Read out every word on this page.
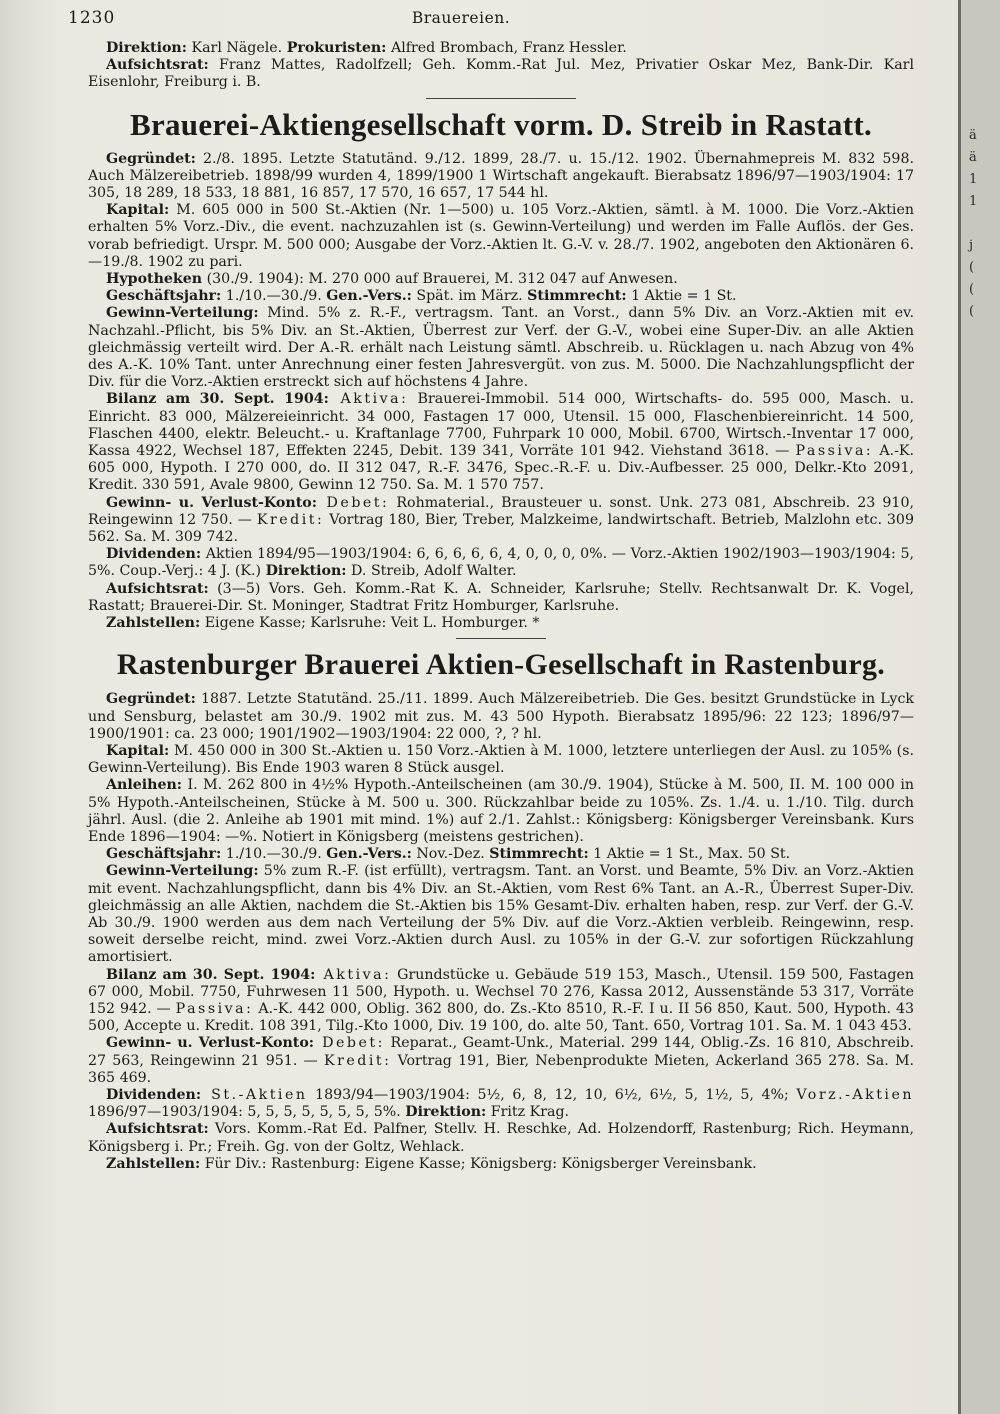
1230	Brauereien.

Direktion: Karl Nägele. Prokuristen: Alfred Brombach, Franz Hessler.

Aufsichtsrat: Franz Mattes, Radolfzell; Geh. Komm.-Rat Jul. Mez, Privatier Oskar Mez, Bank-Dir. Karl Eisenlohr, Freiburg i. B.

Brauerei-Aktiengesellschaft vorm. D. Streib in Rastatt.

Gegründet: 2./8. 1895. Letzte Statutänd. 9./12. 1899, 28./7. u. 15./12. 1902. Übernahmepreis M. 832 598. Auch Mälzereibetrieb. 1898/99 wurden 4, 1899/1900 1 Wirtschaft angekauft. Bierabsatz 1896/97—1903/1904: 17 305, 18 289, 18 533, 18 881, 16 857, 17 570, 16 657, 17 544 hl.

Kapital: M. 605 000 in 500 St.-Aktien (Nr. 1—500) u. 105 Vorz.-Aktien, sämtl. à M. 1000. Die Vorz.-Aktien erhalten 5% Vorz.-Div., die event. nachzuzahlen ist (s. Gewinn-Verteilung) und werden im Falle Auflös. der Ges. vorab befriedigt. Urspr. M. 500 000; Ausgabe der Vorz.-Aktien lt. G.-V. v. 28./7. 1902, angeboten den Aktionären 6.—19./8. 1902 zu pari.

Hypotheken (30./9. 1904): M. 270 000 auf Brauerei, M. 312 047 auf Anwesen.

Geschäftsjahr: 1./10.—30./9. Gen.-Vers.: Spät. im März. Stimmrecht: 1 Aktie = 1 St.

Gewinn-Verteilung: Mind. 5% z. R.-F., vertragsm. Tant. an Vorst., dann 5% Div. an Vorz.-Aktien mit ev. Nachzahl.-Pflicht, bis 5% Div. an St.-Aktien, Überrest zur Verf. der G.-V., wobei eine Super-Div. an alle Aktien gleichmässig verteilt wird. Der A.-R. erhält nach Leistung sämtl. Abschreib. u. Rücklagen u. nach Abzug von 4% des A.-K. 10% Tant. unter Anrechnung einer festen Jahresvergüt. von zus. M. 5000. Die Nachzahlungspflicht der Div. für die Vorz.-Aktien erstreckt sich auf höchstens 4 Jahre.

Bilanz am 30. Sept. 1904: Aktiva: Brauerei-Immobil. 514 000, Wirtschafts- do. 595 000, Masch. u. Einricht. 83 000, Mälzereieinricht. 34 000, Fastagen 17 000, Utensil. 15 000, Flaschenbiereinricht. 14 500, Flaschen 4400, elektr. Beleucht.- u. Kraftanlage 7700, Fuhrpark 10 000, Mobil. 6700, Wirtsch.-Inventar 17 000, Kassa 4922, Wechsel 187, Effekten 2245, Debit. 139 341, Vorräte 101 942. Viehstand 3618. — Passiva: A.-K. 605 000, Hypoth. I 270 000, do. II 312 047, R.-F. 3476, Spec.-R.-F. u. Div.-Aufbesser. 25 000, Delkr.-Kto 2091, Kredit. 330 591, Avale 9800, Gewinn 12 750. Sa. M. 1 570 757.

Gewinn- u. Verlust-Konto: Debet: Rohmaterial., Brausteuer u. sonst. Unk. 273 081, Abschreib. 23 910, Reingewinn 12 750. — Kredit: Vortrag 180, Bier, Treber, Malzkeime, landwirtschaft. Betrieb, Malzlohn etc. 309 562. Sa. M. 309 742.

Dividenden: Aktien 1894/95—1903/1904: 6, 6, 6, 6, 6, 4, 0, 0, 0, 0%. — Vorz.-Aktien 1902/1903—1903/1904: 5, 5%. Coup.-Verj.: 4 J. (K.) Direktion: D. Streib, Adolf Walter.

Aufsichtsrat: (3—5) Vors. Geh. Komm.-Rat K. A. Schneider, Karlsruhe; Stellv. Rechtsanwalt Dr. K. Vogel, Rastatt; Brauerei-Dir. St. Moninger, Stadtrat Fritz Homburger, Karlsruhe.

Zahlstellen: Eigene Kasse; Karlsruhe: Veit L. Homburger. *

Rastenburger Brauerei Aktien-Gesellschaft in Rastenburg.

Gegründet: 1887. Letzte Statutänd. 25./11. 1899. Auch Mälzereibetrieb. Die Ges. besitzt Grundstücke in Lyck und Sensburg, belastet am 30./9. 1902 mit zus. M. 43 500 Hypoth. Bierabsatz 1895/96: 22 123; 1896/97—1900/1901: ca. 23 000; 1901/1902—1903/1904: 22 000, ?, ? hl.

Kapital: M. 450 000 in 300 St.-Aktien u. 150 Vorz.-Aktien à M. 1000, letztere unterliegen der Ausl. zu 105% (s. Gewinn-Verteilung). Bis Ende 1903 waren 8 Stück ausgel.

Anleihen: I. M. 262 800 in 4½% Hypoth.-Anteilscheinen (am 30./9. 1904), Stücke à M. 500, II. M. 100 000 in 5% Hypoth.-Anteilscheinen, Stücke à M. 500 u. 300. Rückzahlbar beide zu 105%. Zs. 1./4. u. 1./10. Tilg. durch jährl. Ausl. (die 2. Anleihe ab 1901 mit mind. 1%) auf 2./1. Zahlst.: Königsberg: Königsberger Vereinsbank. Kurs Ende 1896—1904: —%. Notiert in Königsberg (meistens gestrichen).

Geschäftsjahr: 1./10.—30./9. Gen.-Vers.: Nov.-Dez. Stimmrecht: 1 Aktie = 1 St., Max. 50 St.

Gewinn-Verteilung: 5% zum R.-F. (ist erfüllt), vertragsm. Tant. an Vorst. und Beamte, 5% Div. an Vorz.-Aktien mit event. Nachzahlungspflicht, dann bis 4% Div. an St.-Aktien, vom Rest 6% Tant. an A.-R., Überrest Super-Div. gleichmässig an alle Aktien, nachdem die St.-Aktien bis 15% Gesamt-Div. erhalten haben, resp. zur Verf. der G.-V. Ab 30./9. 1900 werden aus dem nach Verteilung der 5% Div. auf die Vorz.-Aktien verbleib. Reingewinn, resp. soweit derselbe reicht, mind. zwei Vorz.-Aktien durch Ausl. zu 105% in der G.-V. zur sofortigen Rückzahlung amortisiert.

Bilanz am 30. Sept. 1904: Aktiva: Grundstücke u. Gebäude 519 153, Masch., Utensil. 159 500, Fastagen 67 000, Mobil. 7750, Fuhrwesen 11 500, Hypoth. u. Wechsel 70 276, Kassa 2012, Aussenstände 53 317, Vorräte 152 942. — Passiva: A.-K. 442 000, Oblig. 362 800, do. Zs.-Kto 8510, R.-F. I u. II 56 850, Kaut. 500, Hypoth. 43 500, Accepte u. Kredit. 108 391, Tilg.-Kto 1000, Div. 19 100, do. alte 50, Tant. 650, Vortrag 101. Sa. M. 1 043 453.

Gewinn- u. Verlust-Konto: Debet: Reparat., Geamt-Unk., Material. 299 144, Oblig.-Zs. 16 810, Abschreib. 27 563, Reingewinn 21 951. — Kredit: Vortrag 191, Bier, Nebenprodukte Mieten, Ackerland 365 278. Sa. M. 365 469.

Dividenden: St.-Aktien 1893/94—1903/1904: 5½, 6, 8, 12, 10, 6½, 6½, 5, 1½, 5, 4%; Vorz.-Aktien 1896/97—1903/1904: 5, 5, 5, 5, 5, 5, 5, 5%. Direktion: Fritz Krag.

Aufsichtsrat: Vors. Komm.-Rat Ed. Palfner, Stellv. H. Reschke, Ad. Holzendorff, Rastenburg; Rich. Heymann, Königsberg i. Pr.; Freih. Gg. von der Goltz, Wehlack.

Zahlstellen: Für Div.: Rastenburg: Eigene Kasse; Königsberg: Königsberger Vereinsbank.

ä
ä
1
1

j
(
(
(
